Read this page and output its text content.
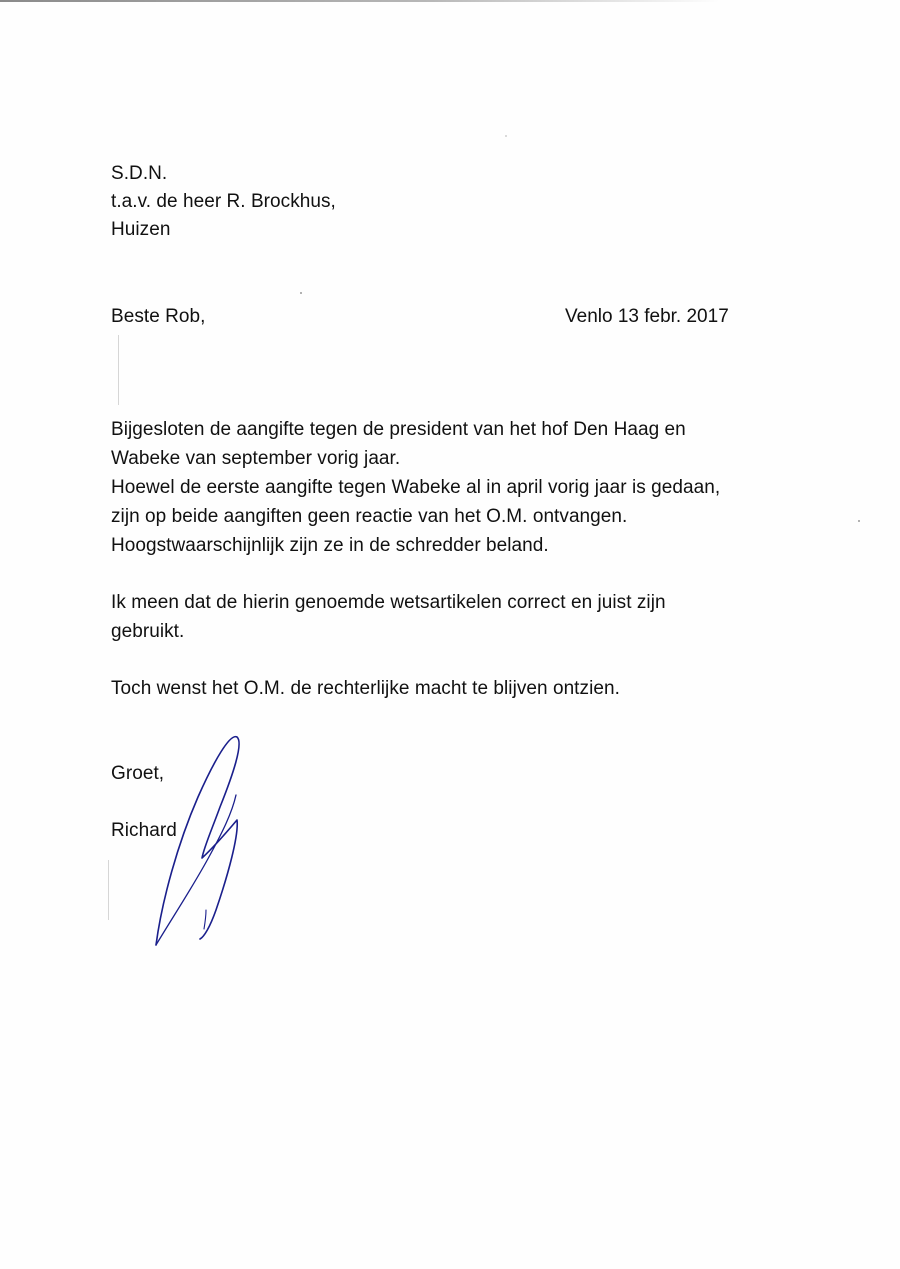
S.D.N.
t.a.v. de heer R. Brockhus,
Huizen
Beste Rob,	Venlo 13 febr. 2017
Bijgesloten de aangifte tegen de president van het hof Den Haag en
Wabeke van september vorig jaar.
Hoewel de eerste aangifte tegen Wabeke al in april vorig jaar is gedaan,
zijn op beide aangiften geen reactie van het O.M. ontvangen.
Hoogstwaarschijnlijk zijn ze in de schredder beland.
Ik meen dat de hierin genoemde wetsartikelen correct en juist zijn
gebruikt.
Toch wenst het O.M. de rechterlijke macht te blijven ontzien.
Groet,
Richard
